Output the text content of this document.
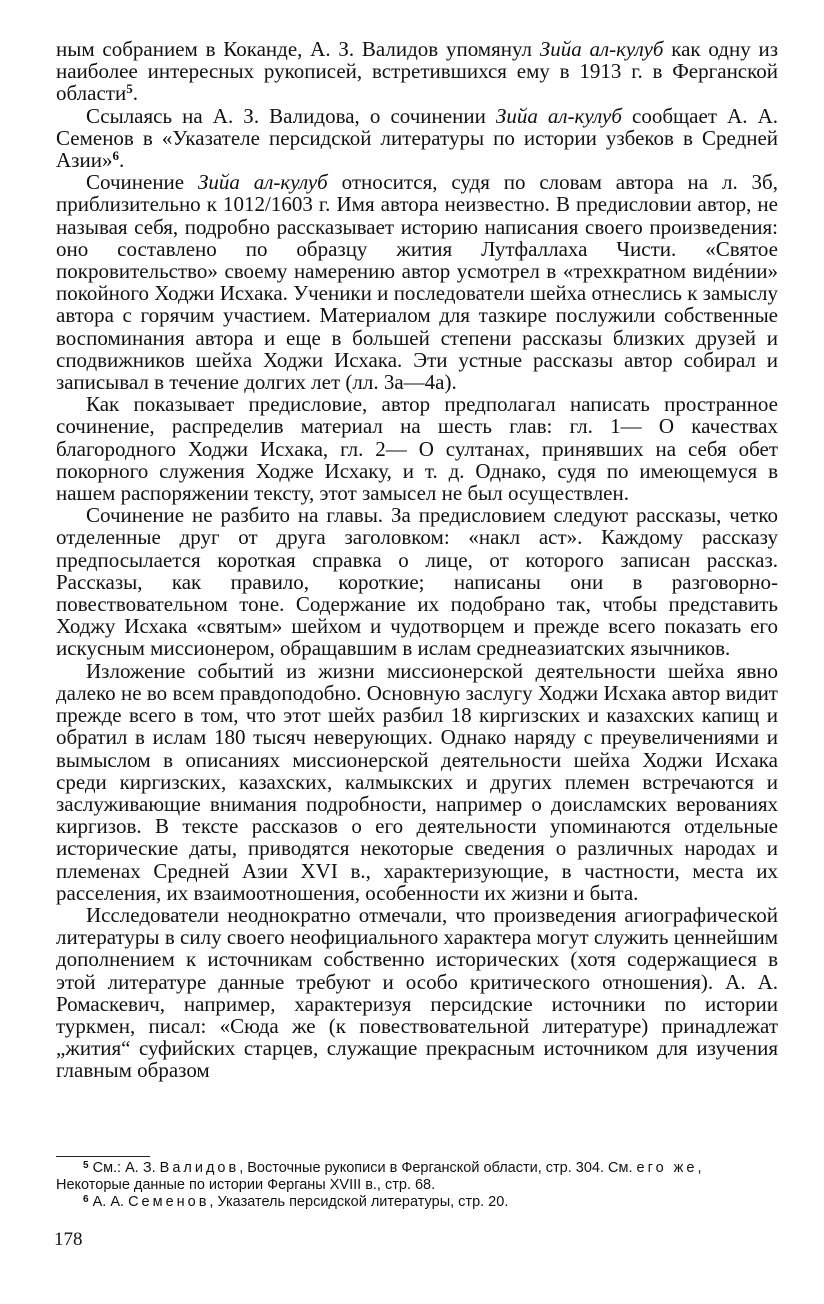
ным собранием в Коканде, А. З. Валидов упомянул Зийа ал-кулуб как одну из наиболее интересных рукописей, встретившихся ему в 1913 г. в Ферганской области$^5$.

Ссылаясь на А. З. Валидова, о сочинении Зийа ал-кулуб сообщает А. А. Семенов в «Указателе персидской литературы по истории узбеков в Средней Азии»$^6$.

Сочинение Зийа ал-кулуб относится, судя по словам автора на л. 3б, приблизительно к 1012/1603 г. Имя автора неизвестно. В предисловии автор, не называя себя, подробно рассказывает историю написания своего произведения: оно составлено по образцу жития Лутфаллаха Чисти. «Святое покровительство» своему намерению автор усмотрел в «трехкратном видéнии» покойного Ходжи Исхака. Ученики и последователи шейха отнеслись к замыслу автора с горячим участием. Материалом для тазкире послужили собственные воспоминания автора и еще в большей степени рассказы близких друзей и сподвижников шейха Ходжи Исхака. Эти устные рассказы автор собирал и записывал в течение долгих лет (лл. 3а—4а).

Как показывает предисловие, автор предполагал написать пространное сочинение, распределив материал на шесть глав: гл. 1— О качествах благородного Ходжи Исхака, гл. 2— О султанах, принявших на себя обет покорного служения Ходже Исхаку, и т. д. Однако, судя по имеющемуся в нашем распоряжении тексту, этот замысел не был осуществлен.

Сочинение не разбито на главы. За предисловием следуют рассказы, четко отделенные друг от друга заголовком: «накл аст». Каждому рассказу предпосылается короткая справка о лице, от которого записан рассказ. Рассказы, как правило, короткие; написаны они в разговорно-повествовательном тоне. Содержание их подобрано так, чтобы представить Ходжу Исхака «святым» шейхом и чудотворцем и прежде всего показать его искусным миссионером, обращавшим в ислам среднеазиатских язычников.

Изложение событий из жизни миссионерской деятельности шейха явно далеко не во всем правдоподобно. Основную заслугу Ходжи Исхака автор видит прежде всего в том, что этот шейх разбил 18 киргизских и казахских капищ и обратил в ислам 180 тысяч неверующих. Однако наряду с преувеличениями и вымыслом в описаниях миссионерской деятельности шейха Ходжи Исхака среди киргизских, казахских, калмыкских и других племен встречаются и заслуживающие внимания подробности, например о доисламских верованиях киргизов. В тексте рассказов о его деятельности упоминаются отдельные исторические даты, приводятся некоторые сведения о различных народах и племенах Средней Азии XVI в., характеризующие, в частности, места их расселения, их взаимоотношения, особенности их жизни и быта.

Исследователи неоднократно отмечали, что произведения агиографической литературы в силу своего неофициального характера могут служить ценнейшим дополнением к источникам собственно исторических (хотя содержащиеся в этой литературе данные требуют и особо критического отношения). А. А. Ромаскевич, например, характеризуя персидские источники по истории туркмен, писал: «Сюда же (к повествовательной литературе) принадлежат „жития“ суфийских старцев, служащие прекрасным источником для изучения главным образом

$^5$ См.: А. З. Валидов, Восточные рукописи в Ферганской области, стр. 304. См. его же, Некоторые данные по истории Ферганы XVIII в., стр. 68.

$^6$ А. А. Семенов, Указатель персидской литературы, стр. 20.

178
